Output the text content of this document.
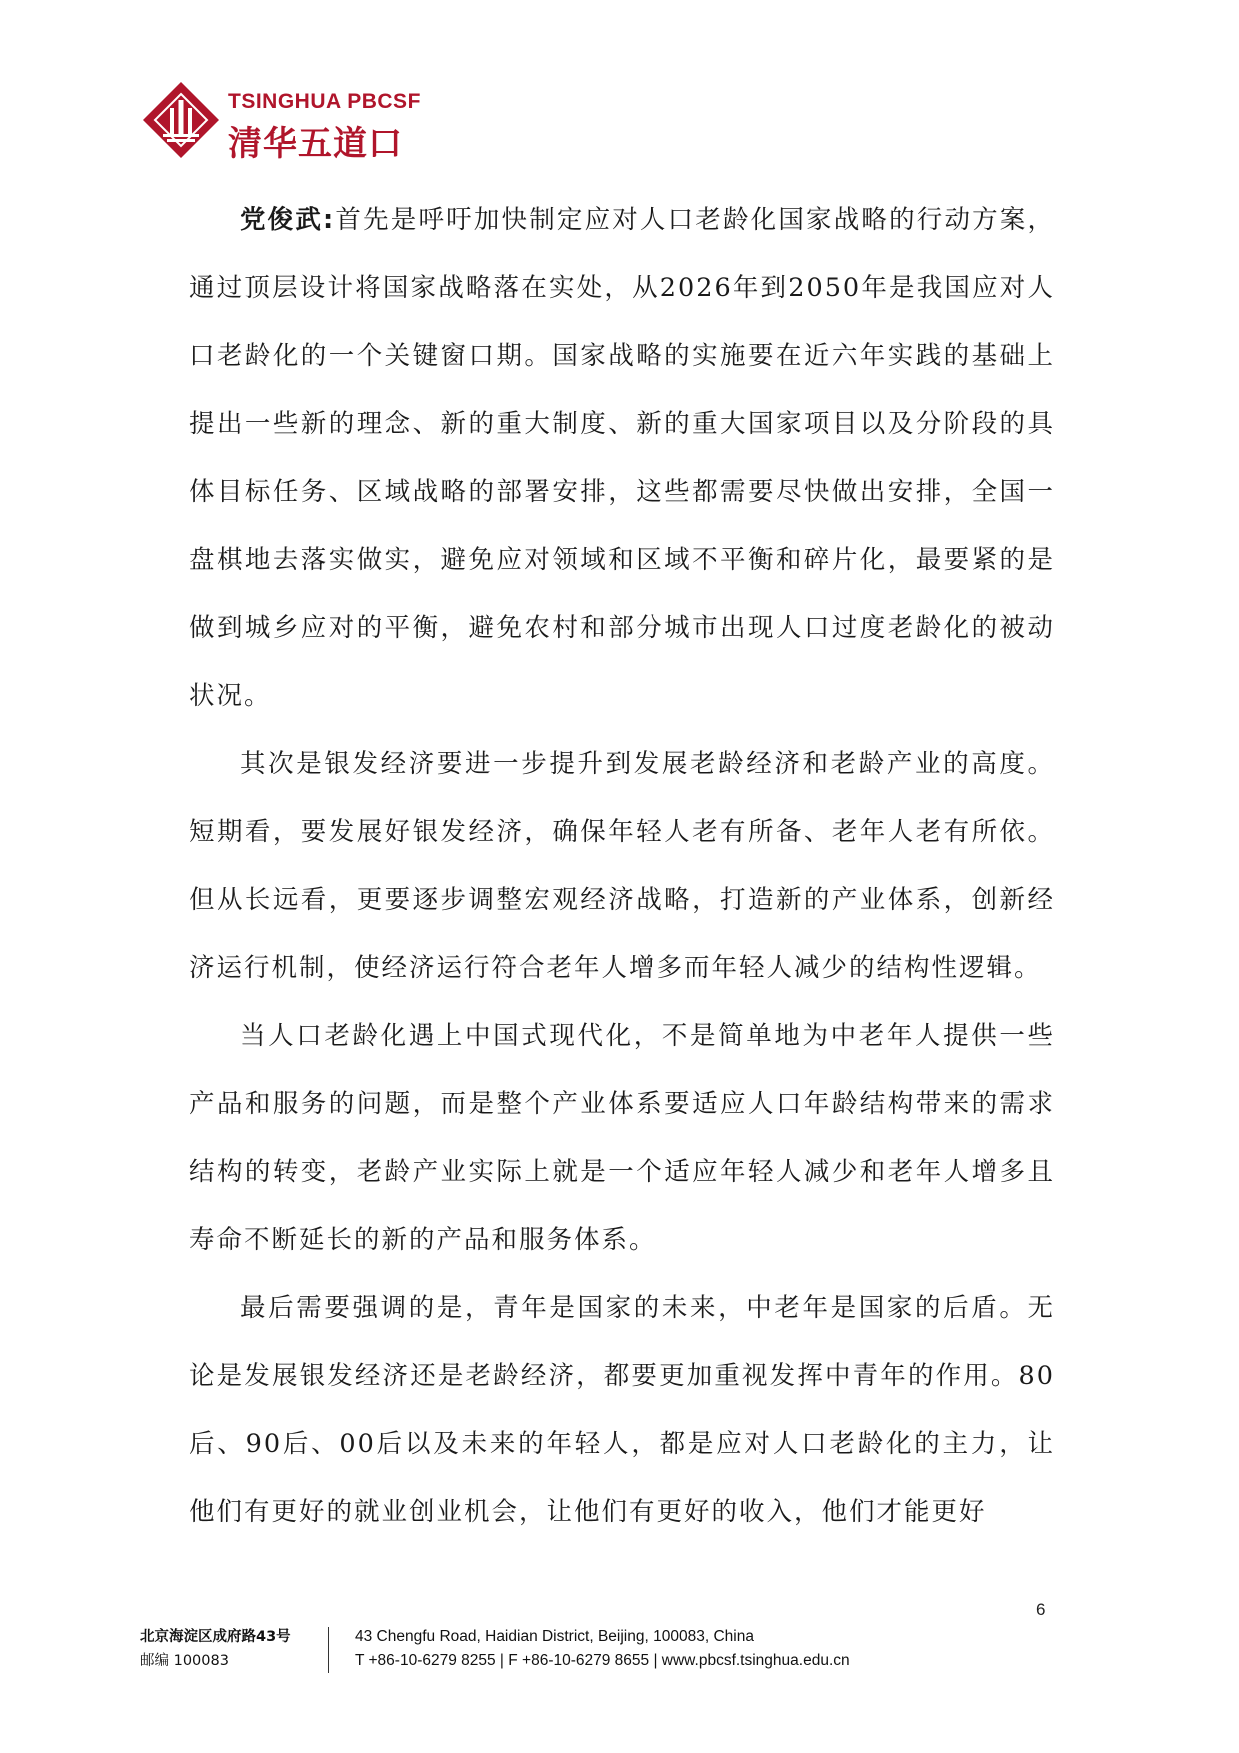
TSINGHUA PBCSF
清华五道口

党俊武:首先是呼吁加快制定应对人口老龄化国家战略的行动方案，通过顶层设计将国家战略落在实处，从2026年到2050年是我国应对人口老龄化的一个关键窗口期。国家战略的实施要在近六年实践的基础上提出一些新的理念、新的重大制度、新的重大国家项目以及分阶段的具体目标任务、区域战略的部署安排，这些都需要尽快做出安排，全国一盘棋地去落实做实，避免应对领域和区域不平衡和碎片化，最要紧的是做到城乡应对的平衡，避免农村和部分城市出现人口过度老龄化的被动状况。

其次是银发经济要进一步提升到发展老龄经济和老龄产业的高度。短期看，要发展好银发经济，确保年轻人老有所备、老年人老有所依。但从长远看，更要逐步调整宏观经济战略，打造新的产业体系，创新经济运行机制，使经济运行符合老年人增多而年轻人减少的结构性逻辑。

当人口老龄化遇上中国式现代化，不是简单地为中老年人提供一些产品和服务的问题，而是整个产业体系要适应人口年龄结构带来的需求结构的转变，老龄产业实际上就是一个适应年轻人减少和老年人增多且寿命不断延长的新的产品和服务体系。

最后需要强调的是，青年是国家的未来，中老年是国家的后盾。无论是发展银发经济还是老龄经济，都要更加重视发挥中青年的作用。80后、90后、00后以及未来的年轻人，都是应对人口老龄化的主力，让他们有更好的就业创业机会，让他们有更好的收入，他们才能更好

6
北京海淀区成府路43号
邮编 100083
43 Chengfu Road, Haidian District, Beijing, 100083, China
T +86-10-6279 8255 | F +86-10-6279 8655 | www.pbcsf.tsinghua.edu.cn
